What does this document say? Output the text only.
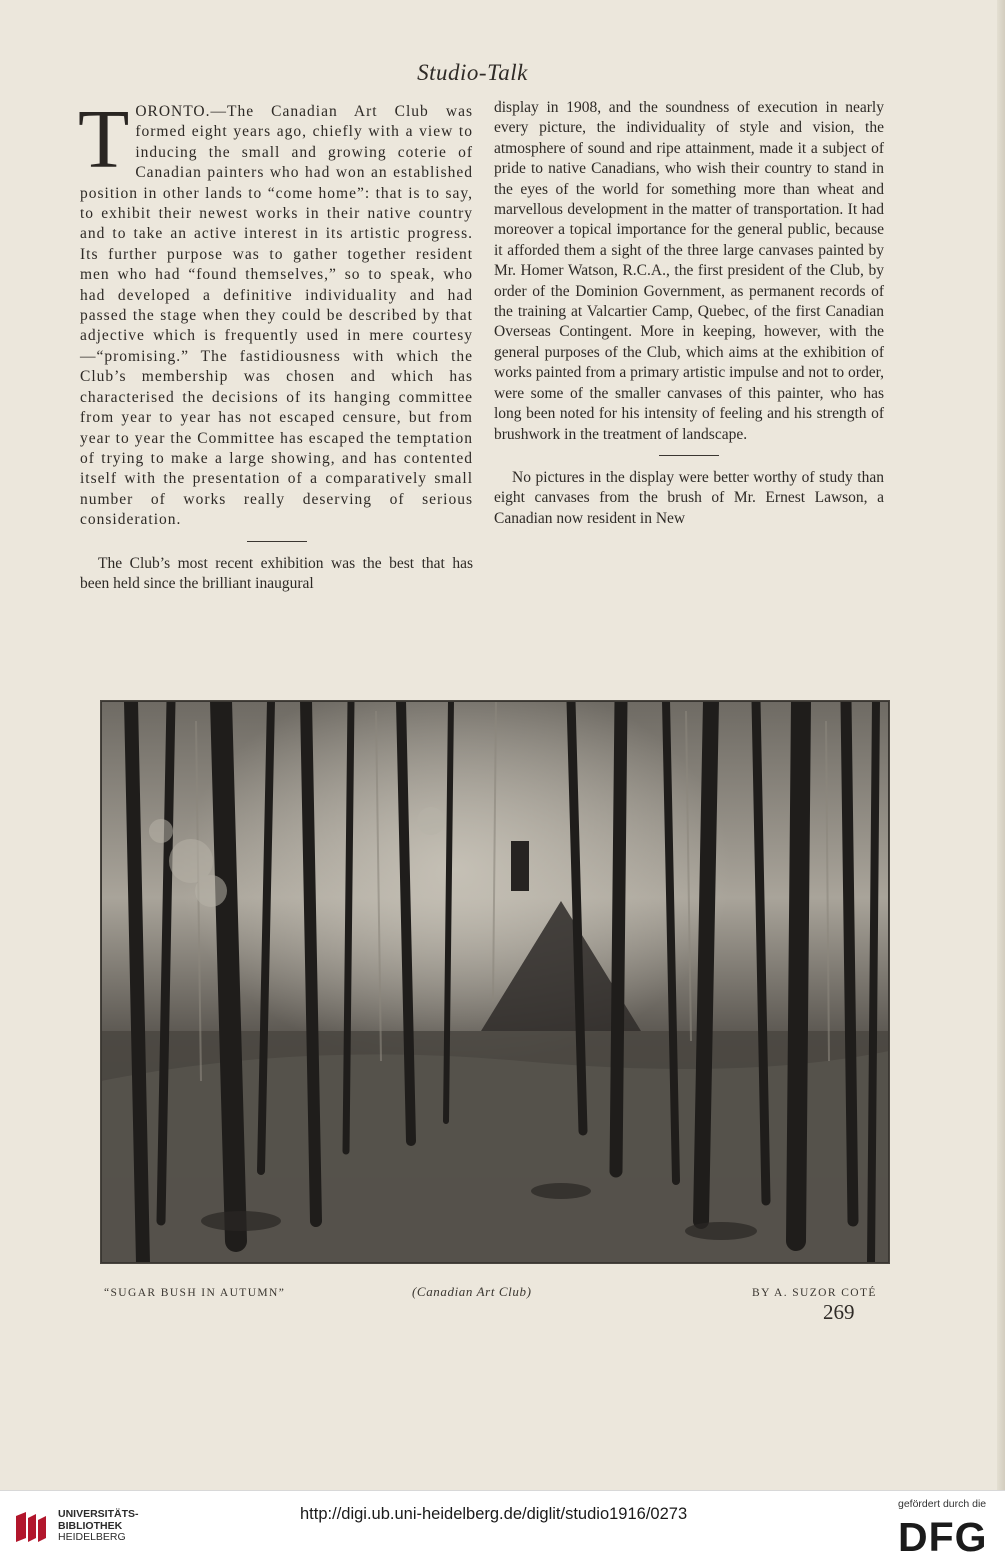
Studio-Talk

TORONTO.—The Canadian Art Club was formed eight years ago, chiefly with a view to inducing the small and growing coterie of Canadian painters who had won an established position in other lands to “come home”: that is to say, to exhibit their newest works in their native country and to take an active interest in its artistic progress. Its further purpose was to gather together resident men who had “found themselves,” so to speak, who had developed a definitive individuality and had passed the stage when they could be described by that adjective which is frequently used in mere courtesy —“promising.” The fastidiousness with which the Club’s membership was chosen and which has characterised the decisions of its hanging committee from year to year has not escaped censure, but from year to year the Committee has escaped the temptation of trying to make a large showing, and has contented itself with the presentation of a comparatively small number of works really deserving of serious consideration.

The Club’s most recent exhibition was the best that has been held since the brilliant inaugural

display in 1908, and the soundness of execution in nearly every picture, the individuality of style and vision, the atmosphere of sound and ripe attainment, made it a subject of pride to native Canadians, who wish their country to stand in the eyes of the world for something more than wheat and marvellous development in the matter of transportation. It had moreover a topical importance for the general public, because it afforded them a sight of the three large canvases painted by Mr. Homer Watson, R.C.A., the first president of the Club, by order of the Dominion Government, as permanent records of the training at Valcartier Camp, Quebec, of the first Canadian Overseas Contingent. More in keeping, however, with the general purposes of the Club, which aims at the exhibition of works painted from a primary artistic impulse and not to order, were some of the smaller canvases of this painter, who has long been noted for his intensity of feeling and his strength of brushwork in the treatment of landscape.

No pictures in the display were better worthy of study than eight canvases from the brush of Mr. Ernest Lawson, a Canadian now resident in New

“SUGAR BUSH IN AUTUMN”	(Canadian Art Club)	BY A. SUZOR COTÉ
269
UNIVERSITÄTS-
BIBLIOTHEK
HEIDELBERG
http://digi.ub.uni-heidelberg.de/diglit/studio1916/0273
gefördert durch die
DFG
